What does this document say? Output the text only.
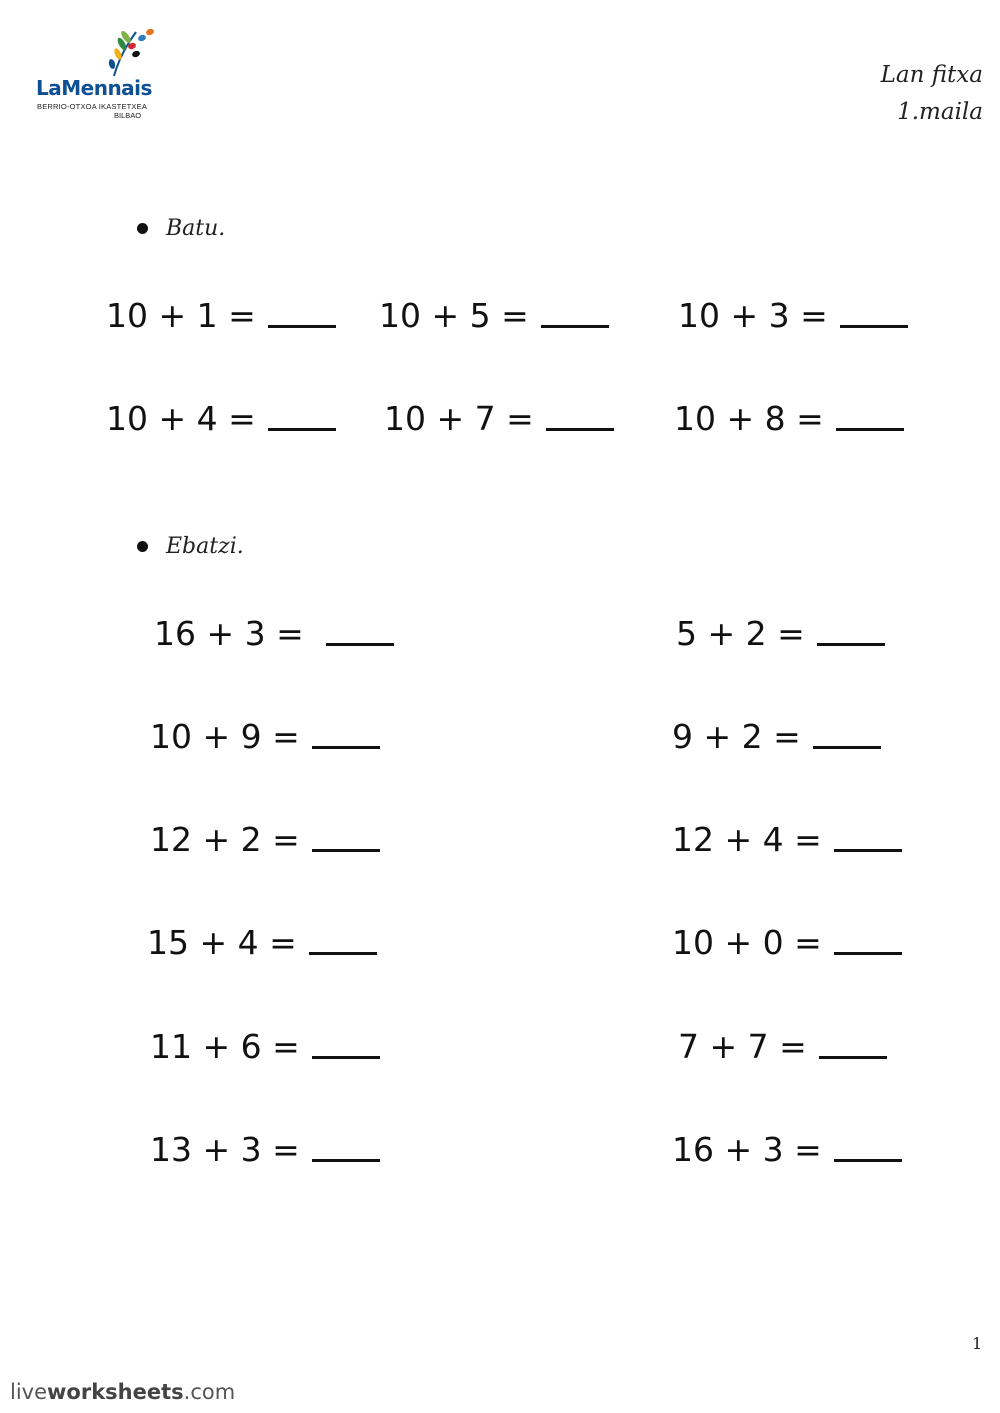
LaMennais
BERRIO-OTXOA IKASTETXEA
BILBAO
Lan fitxa
1.maila
Batu.
10 + 1 =	10 + 5 =	10 + 3 =
10 + 4 =	10 + 7 =	10 + 8 =
Ebatzi.
16 + 3 =	5 + 2 =
10 + 9 =	9 + 2 =
12 + 2 =	12 + 4 =
15 + 4 =	10 + 0 =
11 + 6 =	7 + 7 =
13 + 3 =	16 + 3 =
1
liveworksheets.com
